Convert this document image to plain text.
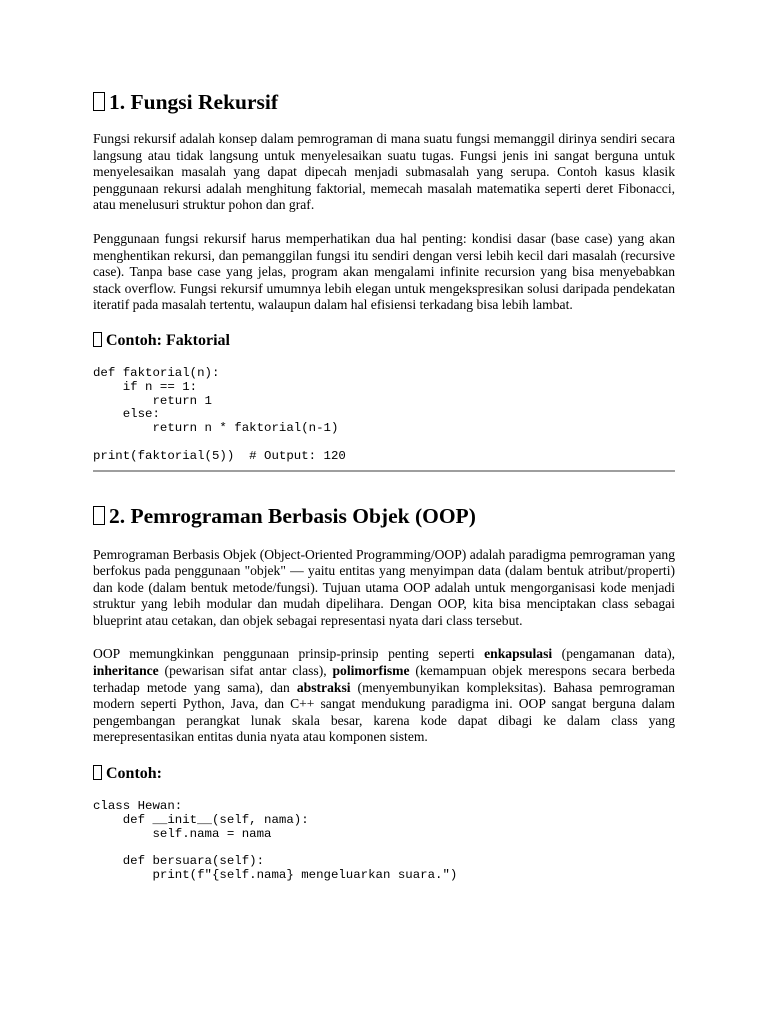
1. Fungsi Rekursif

Fungsi rekursif adalah konsep dalam pemrograman di mana suatu fungsi memanggil dirinya sendiri secara langsung atau tidak langsung untuk menyelesaikan suatu tugas. Fungsi jenis ini sangat berguna untuk menyelesaikan masalah yang dapat dipecah menjadi submasalah yang serupa. Contoh kasus klasik penggunaan rekursi adalah menghitung faktorial, memecah masalah matematika seperti deret Fibonacci, atau menelusuri struktur pohon dan graf.

Penggunaan fungsi rekursif harus memperhatikan dua hal penting: kondisi dasar (base case) yang akan menghentikan rekursi, dan pemanggilan fungsi itu sendiri dengan versi lebih kecil dari masalah (recursive case). Tanpa base case yang jelas, program akan mengalami infinite recursion yang bisa menyebabkan stack overflow. Fungsi rekursif umumnya lebih elegan untuk mengekspresikan solusi daripada pendekatan iteratif pada masalah tertentu, walaupun dalam hal efisiensi terkadang bisa lebih lambat.

Contoh: Faktorial
def faktorial(n):
if n == 1:
return 1
else:
return n * faktorial(n-1)

print(faktorial(5))  # Output: 120
2. Pemrograman Berbasis Objek (OOP)

Pemrograman Berbasis Objek (Object-Oriented Programming/OOP) adalah paradigma pemrograman yang berfokus pada penggunaan "objek" — yaitu entitas yang menyimpan data (dalam bentuk atribut/properti) dan kode (dalam bentuk metode/fungsi). Tujuan utama OOP adalah untuk mengorganisasi kode menjadi struktur yang lebih modular dan mudah dipelihara. Dengan OOP, kita bisa menciptakan class sebagai blueprint atau cetakan, dan objek sebagai representasi nyata dari class tersebut.

OOP memungkinkan penggunaan prinsip-prinsip penting seperti enkapsulasi (pengamanan data), inheritance (pewarisan sifat antar class), polimorfisme (kemampuan objek merespons secara berbeda terhadap metode yang sama), dan abstraksi (menyembunyikan kompleksitas). Bahasa pemrograman modern seperti Python, Java, dan C++ sangat mendukung paradigma ini. OOP sangat berguna dalam pengembangan perangkat lunak skala besar, karena kode dapat dibagi ke dalam class yang merepresentasikan entitas dunia nyata atau komponen sistem.

Contoh:
class Hewan:
def __init__(self, nama):
self.nama = nama

def bersuara(self):
print(f"{self.nama} mengeluarkan suara.")
